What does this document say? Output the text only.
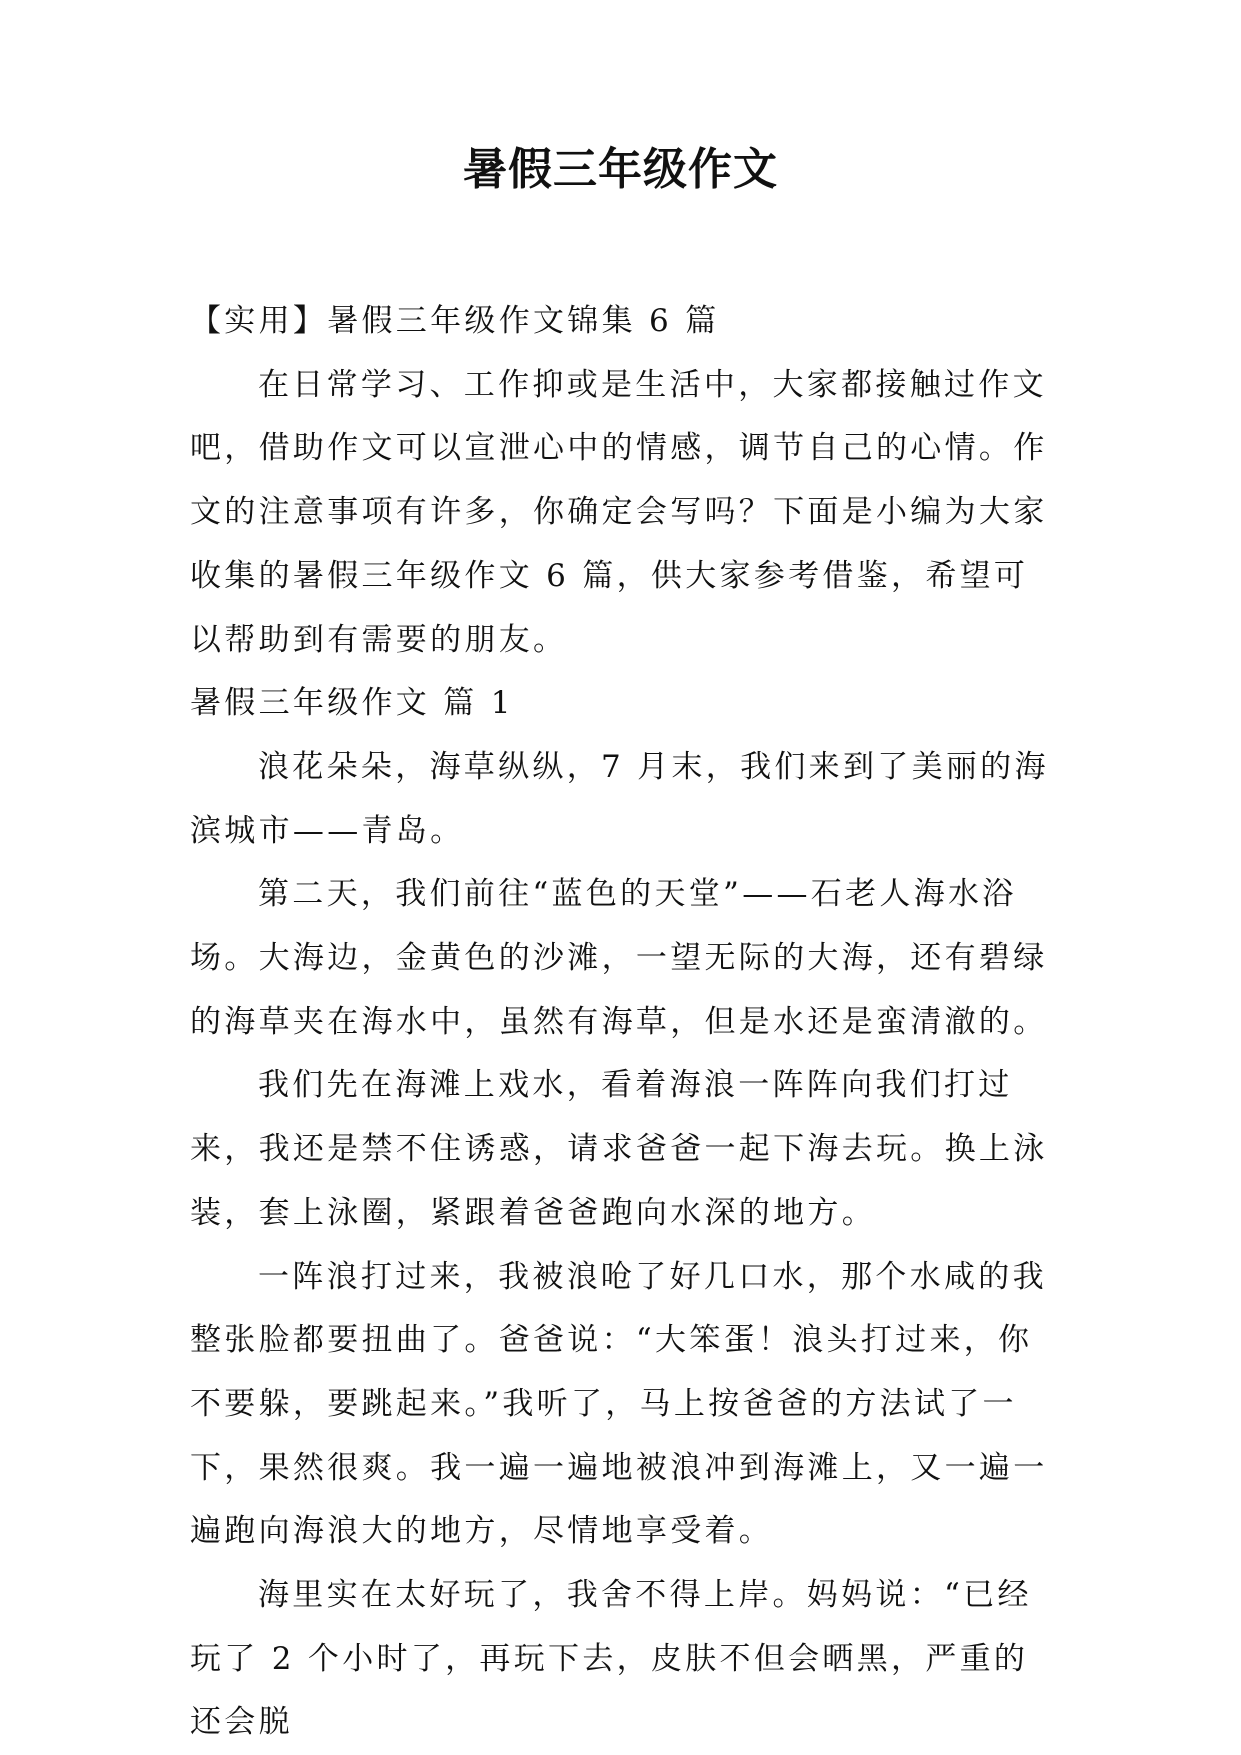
暑假三年级作文

【实用】暑假三年级作文锦集 6 篇

在日常学习、工作抑或是生活中，大家都接触过作文吧，借助作文可以宣泄心中的情感，调节自己的心情。作文的注意事项有许多，你确定会写吗？下面是小编为大家收集的暑假三年级作文 6 篇，供大家参考借鉴，希望可以帮助到有需要的朋友。

暑假三年级作文 篇 1

浪花朵朵，海草纵纵，7 月末，我们来到了美丽的海滨城市——青岛。

第二天，我们前往“蓝色的天堂”——石老人海水浴场。大海边，金黄色的沙滩，一望无际的大海，还有碧绿的海草夹在海水中，虽然有海草，但是水还是蛮清澈的。

我们先在海滩上戏水，看着海浪一阵阵向我们打过来，我还是禁不住诱惑，请求爸爸一起下海去玩。换上泳装，套上泳圈，紧跟着爸爸跑向水深的地方。

一阵浪打过来，我被浪呛了好几口水，那个水咸的我整张脸都要扭曲了。爸爸说：“大笨蛋！浪头打过来，你不要躲，要跳起来。”我听了，马上按爸爸的方法试了一下，果然很爽。我一遍一遍地被浪冲到海滩上，又一遍一遍跑向海浪大的地方，尽情地享受着。

海里实在太好玩了，我舍不得上岸。妈妈说：“已经玩了 2 个小时了，再玩下去，皮肤不但会晒黑，严重的还会脱
